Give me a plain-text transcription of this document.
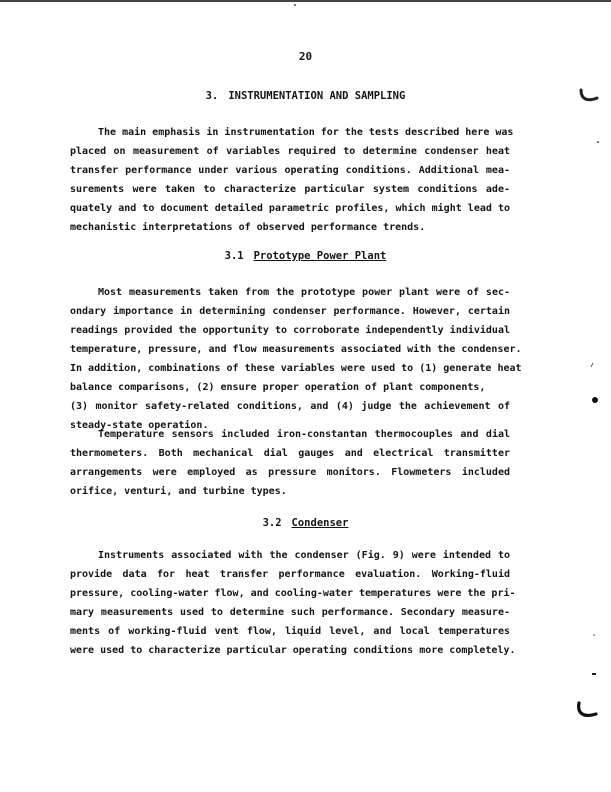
20
3. INSTRUMENTATION AND SAMPLING
The main emphasis in instrumentation for the tests described here was
placed on measurement of variables required to determine condenser heat
transfer performance under various operating conditions. Additional mea-
surements were taken to characterize particular system conditions ade-
quately and to document detailed parametric profiles, which might lead to
mechanistic interpretations of observed performance trends.
3.1 Prototype Power Plant
Most measurements taken from the prototype power plant were of sec-
ondary importance in determining condenser performance. However, certain
readings provided the opportunity to corroborate independently individual
temperature, pressure, and flow measurements associated with the condenser.
In addition, combinations of these variables were used to (1) generate heat
balance comparisons, (2) ensure proper operation of plant components,
(3) monitor safety-related conditions, and (4) judge the achievement of
steady-state operation.
Temperature sensors included iron-constantan thermocouples and dial
thermometers. Both mechanical dial gauges and electrical transmitter
arrangements were employed as pressure monitors. Flowmeters included
orifice, venturi, and turbine types.
3.2 Condenser
Instruments associated with the condenser (Fig. 9) were intended to
provide data for heat transfer performance evaluation. Working-fluid
pressure, cooling-water flow, and cooling-water temperatures were the pri-
mary measurements used to determine such performance. Secondary measure-
ments of working-fluid vent flow, liquid level, and local temperatures
were used to characterize particular operating conditions more completely.
